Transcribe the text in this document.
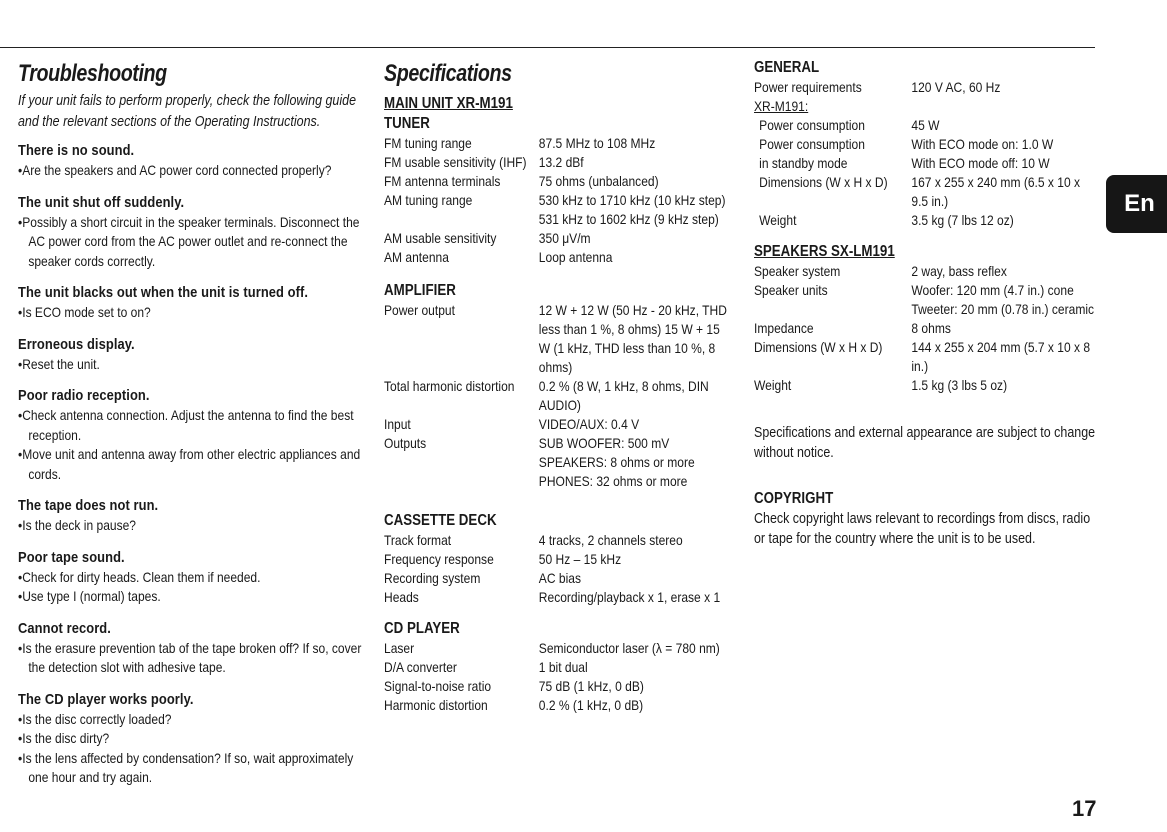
Troubleshooting
If your unit fails to perform properly, check the following guide and the relevant sections of the Operating Instructions.
There is no sound.
• Are the speakers and AC power cord connected properly?
The unit shut off suddenly.
• Possibly a short circuit in the speaker terminals. Disconnect the AC power cord from the AC power outlet and re-connect the speaker cords correctly.
The unit blacks out when the unit is turned off.
• Is ECO mode set to on?
Erroneous display.
• Reset the unit.
Poor radio reception.
• Check antenna connection. Adjust the antenna to find the best reception.
• Move unit and antenna away from other electric appliances and cords.
The tape does not run.
• Is the deck in pause?
Poor tape sound.
• Check for dirty heads. Clean them if needed.
• Use type I (normal) tapes.
Cannot record.
• Is the erasure prevention tab of the tape broken off? If so, cover the detection slot with adhesive tape.
The CD player works poorly.
• Is the disc correctly loaded?
• Is the disc dirty?
• Is the lens affected by condensation? If so, wait approximately one hour and try again.
Specifications
MAIN UNIT XR-M191
TUNER
FM tuning range	87.5 MHz to 108 MHz
FM usable sensitivity (IHF) 13.2 dBf
FM antenna terminals	75 ohms (unbalanced)
AM tuning range	530 kHz to 1710 kHz (10 kHz step) 531 kHz to 1602 kHz (9 kHz step)
AM usable sensitivity	350 μV/m
AM antenna	Loop antenna
AMPLIFIER
Power output	12 W + 12 W (50 Hz - 20 kHz, THD less than 1 %, 8 ohms) 15 W + 15 W (1 kHz, THD less than 10 %, 8 ohms)
Total harmonic distortion	0.2 % (8 W, 1 kHz, 8 ohms, DIN AUDIO)
Input	VIDEO/AUX: 0.4 V
Outputs	SUB WOOFER: 500 mV SPEAKERS: 8 ohms or more PHONES: 32 ohms or more
CASSETTE DECK
Track format	4 tracks, 2 channels stereo
Frequency response	50 Hz – 15 kHz
Recording system	AC bias
Heads	Recording/playback x 1, erase x 1
CD PLAYER
Laser	Semiconductor laser (λ = 780 nm)
D/A converter	1 bit dual
Signal-to-noise ratio	75 dB (1 kHz, 0 dB)
Harmonic distortion	0.2 % (1 kHz, 0 dB)
GENERAL
Power requirements	120 V AC, 60 Hz
XR-M191:
Power consumption	45 W
Power consumption	With ECO mode on: 1.0 W
in standby mode	With ECO mode off: 10 W
Dimensions (W x H x D)	167 x 255 x 240 mm (6.5 x 10 x 9.5 in.)
Weight	3.5 kg (7 lbs 12 oz)
SPEAKERS SX-LM191
Speaker system	2 way, bass reflex
Speaker units	Woofer: 120 mm (4.7 in.) cone Tweeter: 20 mm (0.78 in.) ceramic
Impedance	8 ohms
Dimensions (W x H x D)	144 x 255 x 204 mm (5.7 x 10 x 8 in.)
Weight	1.5 kg (3 lbs 5 oz)
Specifications and external appearance are subject to change without notice.
COPYRIGHT
Check copyright laws relevant to recordings from discs, radio or tape for the country where the unit is to be used.
En
17
